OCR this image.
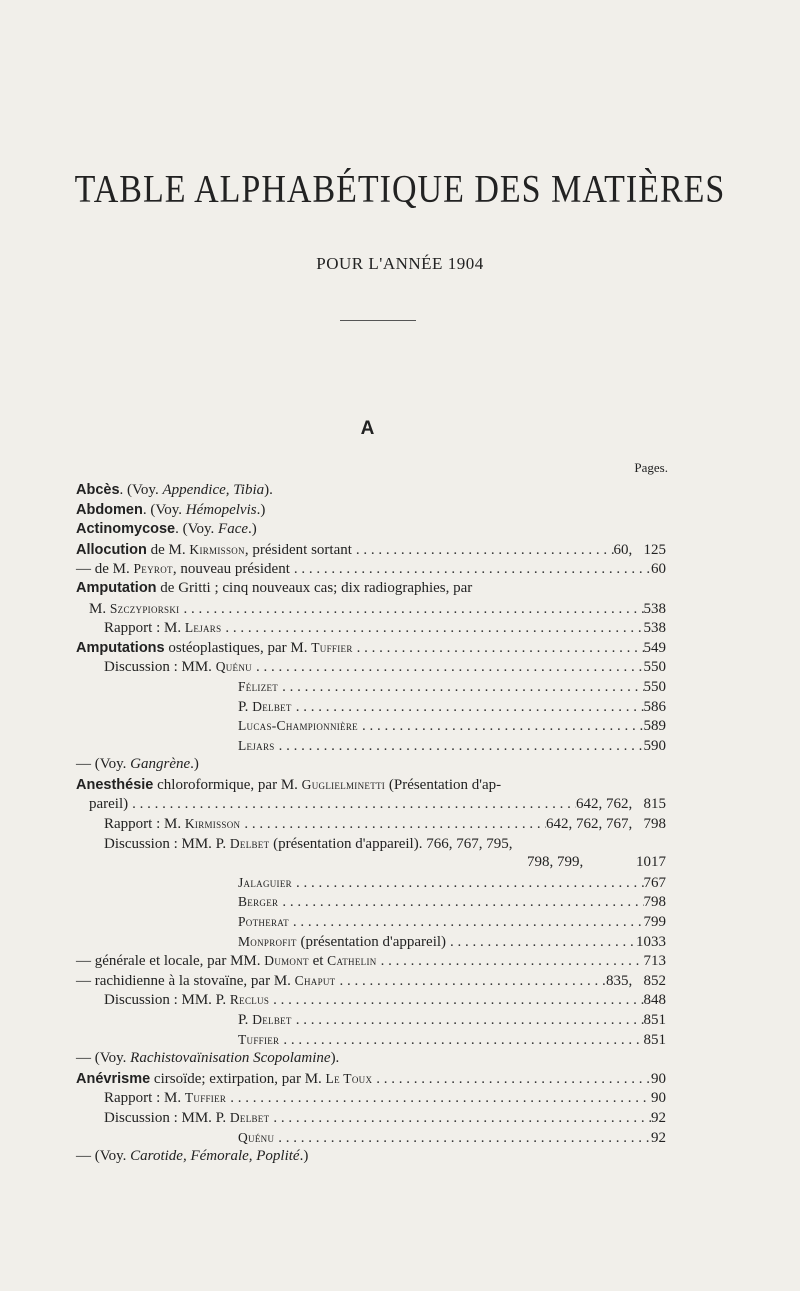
TABLE ALPHABÉTIQUE DES MATIÈRES
POUR L'ANNÉE 1904
A
Pages.
Abcès. (Voy. Appendice, Tibia).
Abdomen. (Voy. Hémopelvis.)
Actinomycose. (Voy. Face.)
Allocution de M. Kirmisson, président sortant . . .	60,   125
— de M. Peyrot, nouveau président . . .	60
Amputation de Gritti ; cinq nouveaux cas; dix radiographies, par
M. Szczypiorski . . .	538
Rapport : M. Lejars . . .	538
Amputations ostéoplastiques, par M. Tuffier . . .	549
Discussion : MM. Quénu . . .	550
Félizet . . .	550
P. Delbet . . .	586
Lucas-Championnière . . .	589
Lejars . . .	590
— (Voy. Gangrène.)
Anesthésie chloroformique, par M. Guglielminetti (Présentation d'ap-
pareil) . . .	642, 762,   815
Rapport : M. Kirmisson . . .	642, 762, 767,   798
Discussion : MM. P. Delbet (présentation d'appareil). 766, 767, 795,
798, 799,	1017
Jalaguier . . .	767
Berger . . .	798
Potherat . . .	799
Monprofit (présentation d'appareil) . . .	1033
— générale et locale, par MM. Dumont et Cathelin . . .	713
— rachidienne à la stovaïne, par M. Chaput . . .	835,   852
Discussion : MM. P. Reclus . . .	848
P. Delbet . . .	851
Tuffier . . .	851
— (Voy. Rachistovaïnisation Scopolamine).
Anévrisme cirsoïde; extirpation, par M. Le Toux . . .	90
Rapport : M. Tuffier . . .	90
Discussion : MM. P. Delbet . . .	92
Quénu . . .	92
— (Voy. Carotide, Fémorale, Poplité.)
